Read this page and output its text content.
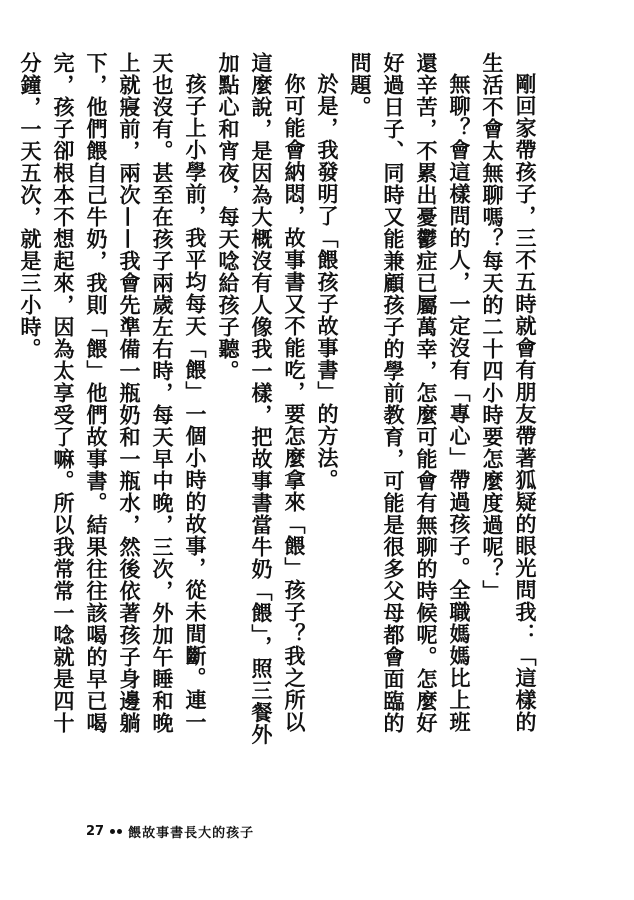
剛回家帶孩子，三不五時就會有朋友帶著狐疑的眼光問我：「這樣的生活不會太無聊嗎？每天的二十四小時要怎麼度過呢？」

無聊？會這樣問的人，一定沒有「專心」帶過孩子。全職媽媽比上班還辛苦，不累出憂鬱症已屬萬幸，怎麼可能會有無聊的時候呢。怎麼好好過日子、同時又能兼顧孩子的學前教育，可能是很多父母都會面臨的問題。

於是，我發明了「餵孩子故事書」的方法。

你可能會納悶，故事書又不能吃，要怎麼拿來「餵」孩子？我之所以這麼說，是因為大概沒有人像我一樣，把故事書當牛奶「餵」，照三餐外加點心和宵夜，每天唸給孩子聽。

孩子上小學前，我平均每天「餵」一個小時的故事，從未間斷。連一天也沒有。甚至在孩子兩歲左右時，每天早中晚，三次，外加午睡和晚上就寢前，兩次——我會先準備一瓶奶和一瓶水，然後依著孩子身邊躺下，他們餵自己牛奶，我則「餵」他們故事書。結果往往該喝的早已喝完，孩子卻根本不想起來，因為太享受了嘛。所以我常常一唸就是四十分鐘，一天五次，就是三小時。

27 餵故事書長大的孩子
